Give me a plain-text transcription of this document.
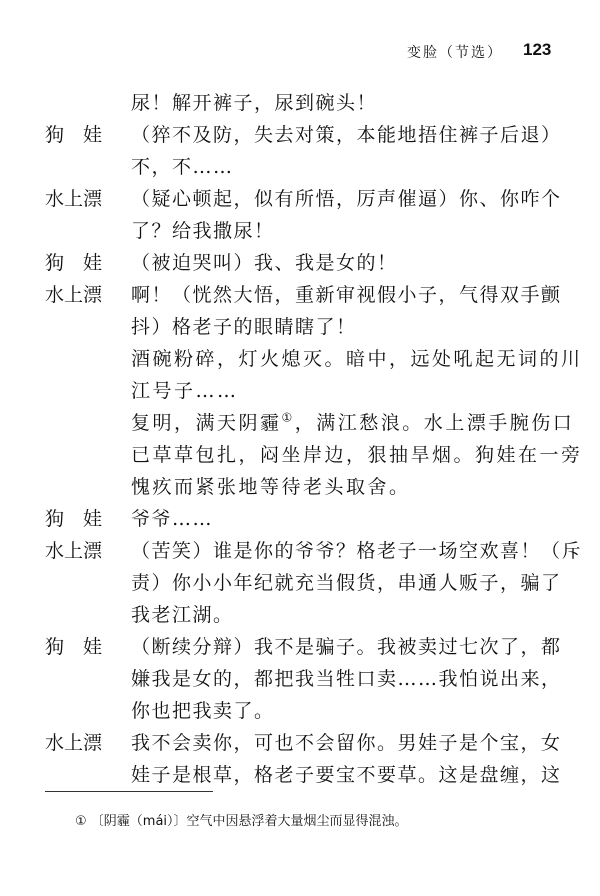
变脸（节选） 123
尿！解开裤子，尿到碗头！
狗　娃	（猝不及防，失去对策，本能地捂住裤子后退）
不，不……
水上漂	（疑心顿起，似有所悟，厉声催逼）你、你咋个
了？给我撒尿！
狗　娃	（被迫哭叫）我、我是女的！
水上漂	啊！（恍然大悟，重新审视假小子，气得双手颤
抖）格老子的眼睛瞎了！
酒碗粉碎，灯火熄灭。暗中，远处吼起无词的川
江号子……
复明，满天阴霾①，满江愁浪。水上漂手腕伤口
已草草包扎，闷坐岸边，狠抽旱烟。狗娃在一旁
愧疚而紧张地等待老头取舍。
狗　娃	爷爷……
水上漂	（苦笑）谁是你的爷爷？格老子一场空欢喜！（斥
责）你小小年纪就充当假货，串通人贩子，骗了
我老江湖。
狗　娃	（断续分辩）我不是骗子。我被卖过七次了，都
嫌我是女的，都把我当牲口卖……我怕说出来，
你也把我卖了。
水上漂	我不会卖你，可也不会留你。男娃子是个宝，女
娃子是根草，格老子要宝不要草。这是盘缠，这
① 〔阴霾（mái）〕空气中因悬浮着大量烟尘而显得混浊。
